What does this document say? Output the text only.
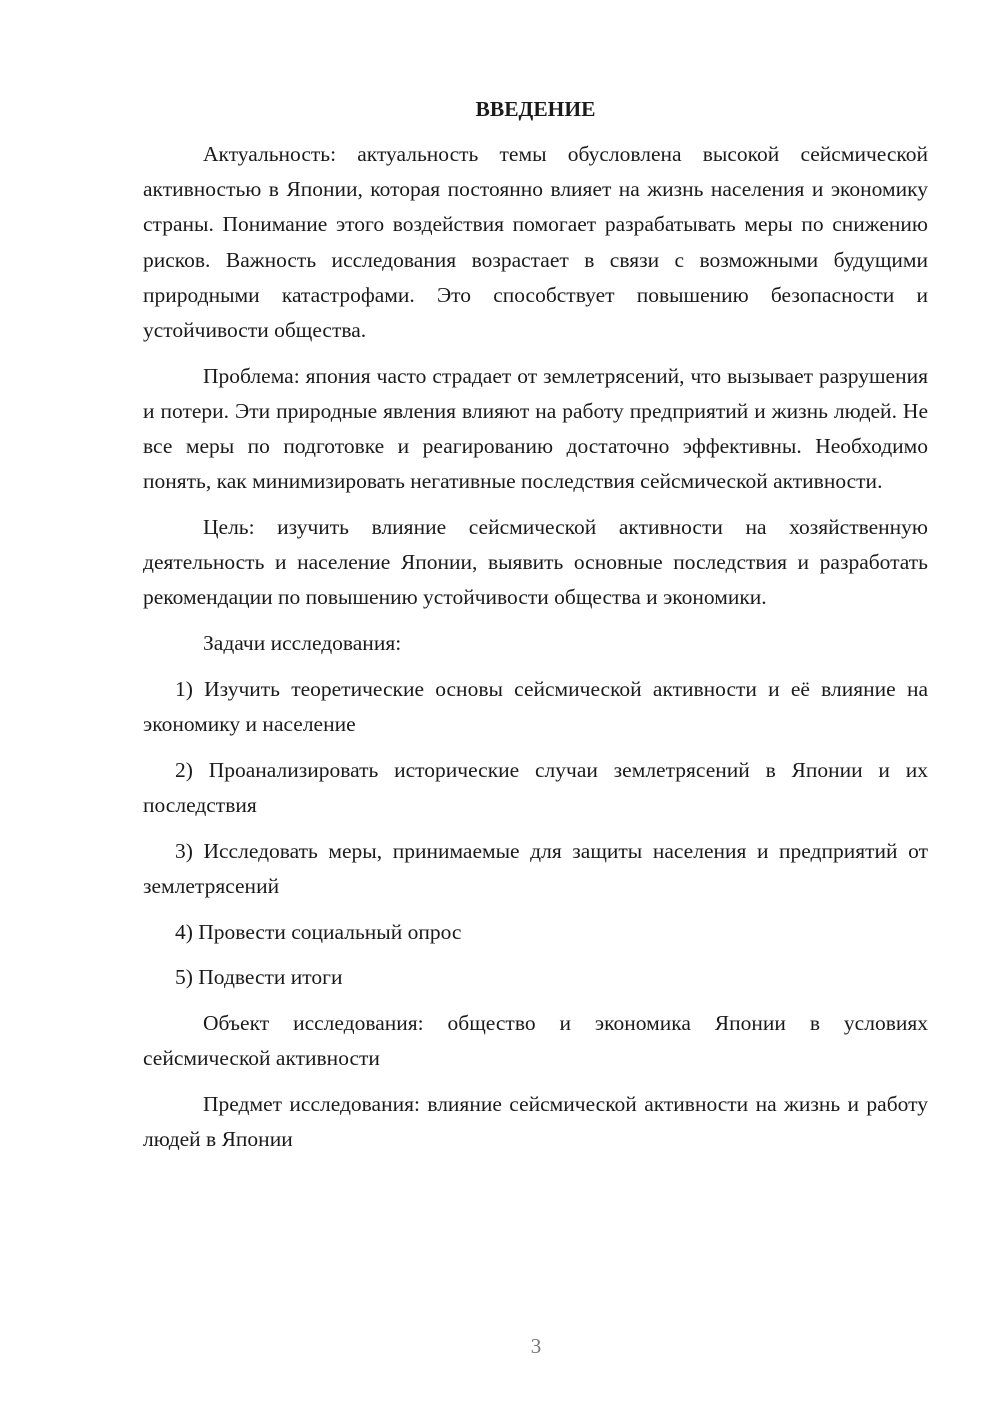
ВВЕДЕНИЕ

Актуальность: актуальность темы обусловлена высокой сейсмической активностью в Японии, которая постоянно влияет на жизнь населения и экономику страны. Понимание этого воздействия помогает разрабатывать меры по снижению рисков. Важность исследования возрастает в связи с возможными будущими природными катастрофами. Это способствует повышению безопасности и устойчивости общества.

Проблема: япония часто страдает от землетрясений, что вызывает разрушения и потери. Эти природные явления влияют на работу предприятий и жизнь людей. Не все меры по подготовке и реагированию достаточно эффективны. Необходимо понять, как минимизировать негативные последствия сейсмической активности.

Цель: изучить влияние сейсмической активности на хозяйственную деятельность и население Японии, выявить основные последствия и разработать рекомендации по повышению устойчивости общества и экономики.

Задачи исследования:

1) Изучить теоретические основы сейсмической активности и её влияние на экономику и население

2) Проанализировать исторические случаи землетрясений в Японии и их последствия

3) Исследовать меры, принимаемые для защиты населения и предприятий от землетрясений

4) Провести социальный опрос

5) Подвести итоги

Объект исследования: общество и экономика Японии в условиях сейсмической активности

Предмет исследования: влияние сейсмической активности на жизнь и работу людей в Японии

3
